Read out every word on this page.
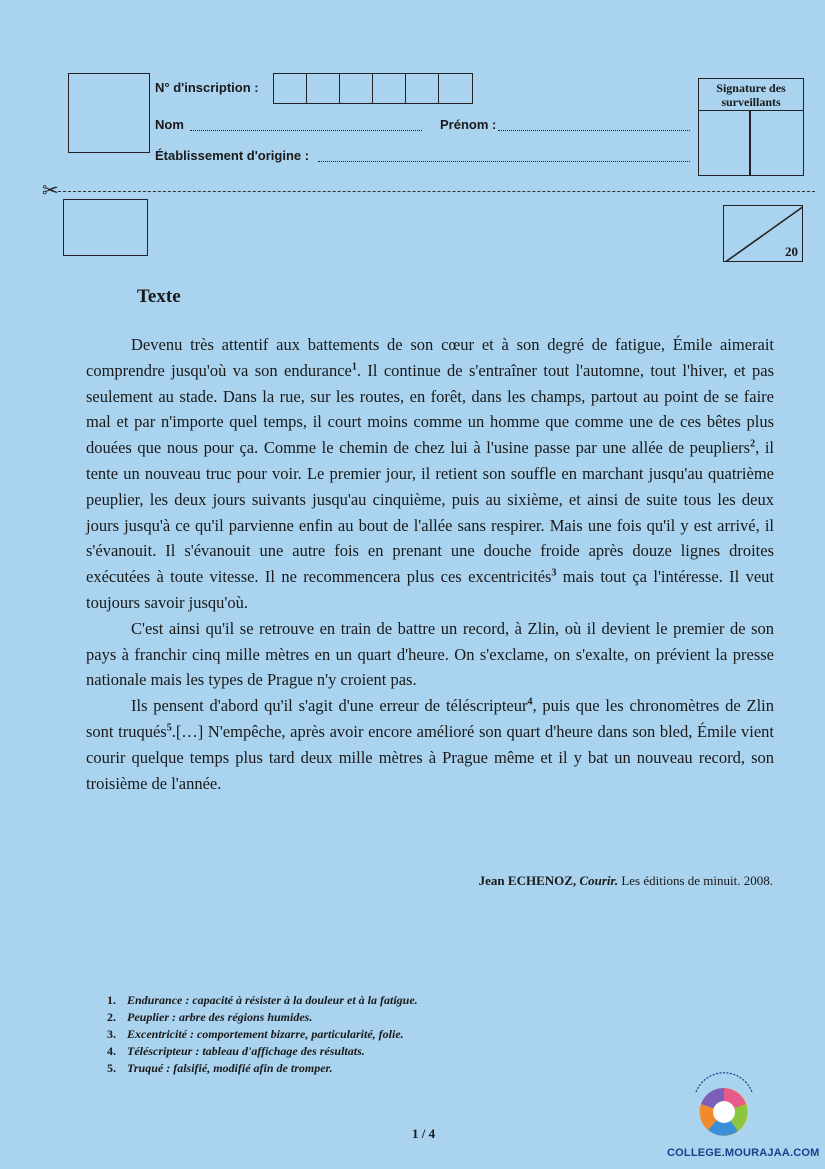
N° d'inscription :
Nom	Prénom :
Établissement d'origine :
Signature des surveillants
✂
20
Texte

Devenu très attentif aux battements de son cœur et à son degré de fatigue, Émile aimerait comprendre jusqu'où va son endurance$^1$. Il continue de s'entraîner tout l'automne, tout l'hiver, et pas seulement au stade. Dans la rue, sur les routes, en forêt, dans les champs, partout au point de se faire mal et par n'importe quel temps, il court moins comme un homme que comme une de ces bêtes plus douées que nous pour ça. Comme le chemin de chez lui à l'usine passe par une allée de peupliers$^2$, il tente un nouveau truc pour voir. Le premier jour, il retient son souffle en marchant jusqu'au quatrième peuplier, les deux jours suivants jusqu'au cinquième, puis au sixième, et ainsi de suite tous les deux jours jusqu'à ce qu'il parvienne enfin au bout de l'allée sans respirer. Mais une fois qu'il y est arrivé, il s'évanouit. Il s'évanouit une autre fois en prenant une douche froide après douze lignes droites exécutées à toute vitesse. Il ne recommencera plus ces excentricités$^3$ mais tout ça l'intéresse. Il veut toujours savoir jusqu'où.

C'est ainsi qu'il se retrouve en train de battre un record, à Zlin, où il devient le premier de son pays à franchir cinq mille mètres en un quart d'heure. On s'exclame, on s'exalte, on prévient la presse nationale mais les types de Prague n'y croient pas.

Ils pensent d'abord qu'il s'agit d'une erreur de téléscripteur$^4$, puis que les chronomètres de Zlin sont truqués$^5$.[…] N'empêche, après avoir encore amélioré son quart d'heure dans son bled, Émile vient courir quelque temps plus tard deux mille mètres à Prague même et il y bat un nouveau record, son troisième de l'année.

Jean ECHENOZ, Courir. Les éditions de minuit. 2008.
1. Endurance : capacité à résister à la douleur et à la fatigue.
2. Peuplier : arbre des régions humides.
3. Excentricité : comportement bizarre, particularité, folie.
4. Téléscripteur : tableau d'affichage des résultats.
5. Truqué : falsifié, modifié afin de tromper.
1 / 4
COLLEGE.MOURAJAA.COM
